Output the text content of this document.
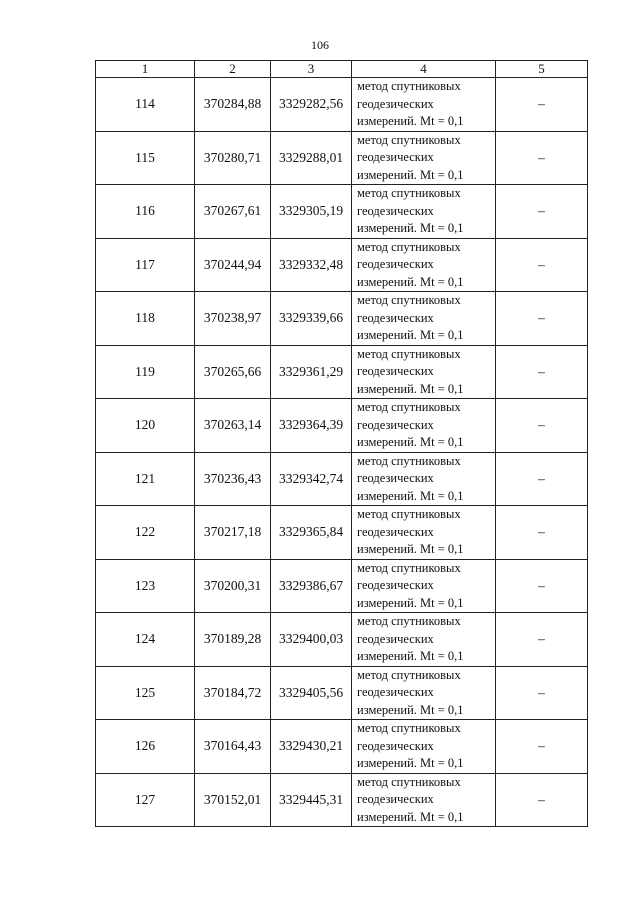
106
1	2	3	4	5
114	370284,88	3329282,56	метод спутниковых
геодезических
измерений. Mt = 0,1	–
115	370280,71	3329288,01	метод спутниковых
геодезических
измерений. Mt = 0,1	–
116	370267,61	3329305,19	метод спутниковых
геодезических
измерений. Mt = 0,1	–
117	370244,94	3329332,48	метод спутниковых
геодезических
измерений. Mt = 0,1	–
118	370238,97	3329339,66	метод спутниковых
геодезических
измерений. Mt = 0,1	–
119	370265,66	3329361,29	метод спутниковых
геодезических
измерений. Mt = 0,1	–
120	370263,14	3329364,39	метод спутниковых
геодезических
измерений. Mt = 0,1	–
121	370236,43	3329342,74	метод спутниковых
геодезических
измерений. Mt = 0,1	–
122	370217,18	3329365,84	метод спутниковых
геодезических
измерений. Mt = 0,1	–
123	370200,31	3329386,67	метод спутниковых
геодезических
измерений. Mt = 0,1	–
124	370189,28	3329400,03	метод спутниковых
геодезических
измерений. Mt = 0,1	–
125	370184,72	3329405,56	метод спутниковых
геодезических
измерений. Mt = 0,1	–
126	370164,43	3329430,21	метод спутниковых
геодезических
измерений. Mt = 0,1	–
127	370152,01	3329445,31	метод спутниковых
геодезических
измерений. Mt = 0,1	–
